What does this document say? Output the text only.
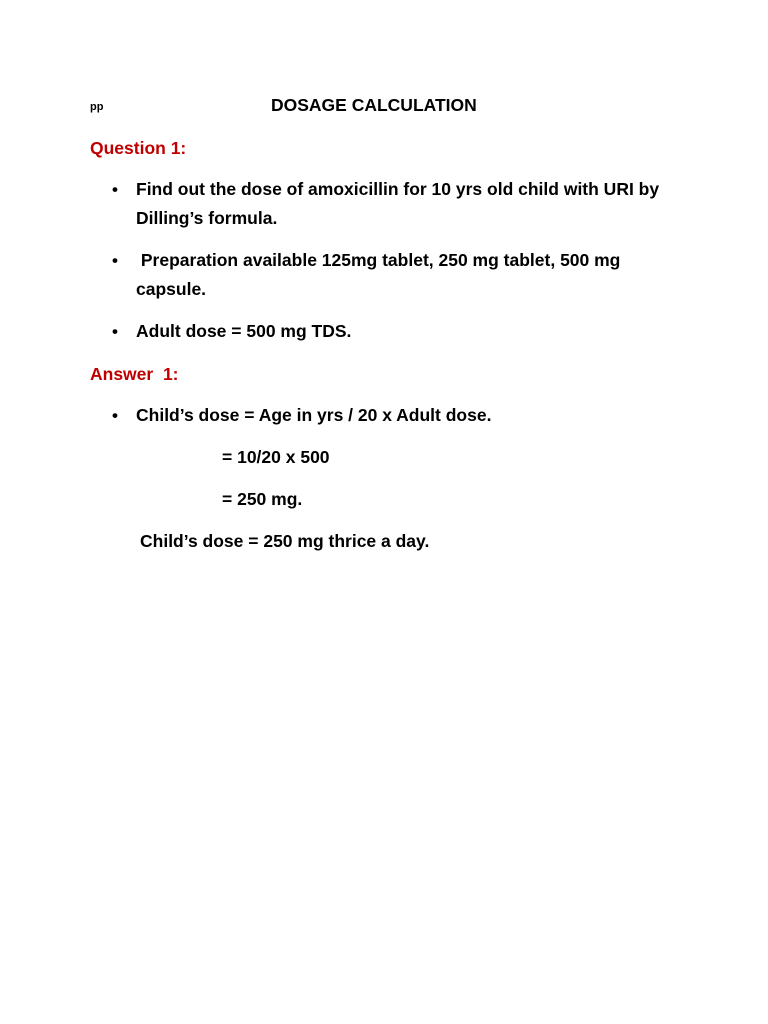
pp	DOSAGE CALCULATION
Question 1:
• Find out the dose of amoxicillin for 10 yrs old child with URI by Dilling’s formula.
• Preparation available 125mg tablet, 250 mg tablet, 500 mg capsule.
• Adult dose = 500 mg TDS.
Answer  1:
• Child’s dose = Age in yrs / 20 x Adult dose.
= 10/20 x 500
= 250 mg.
Child’s dose = 250 mg thrice a day.
